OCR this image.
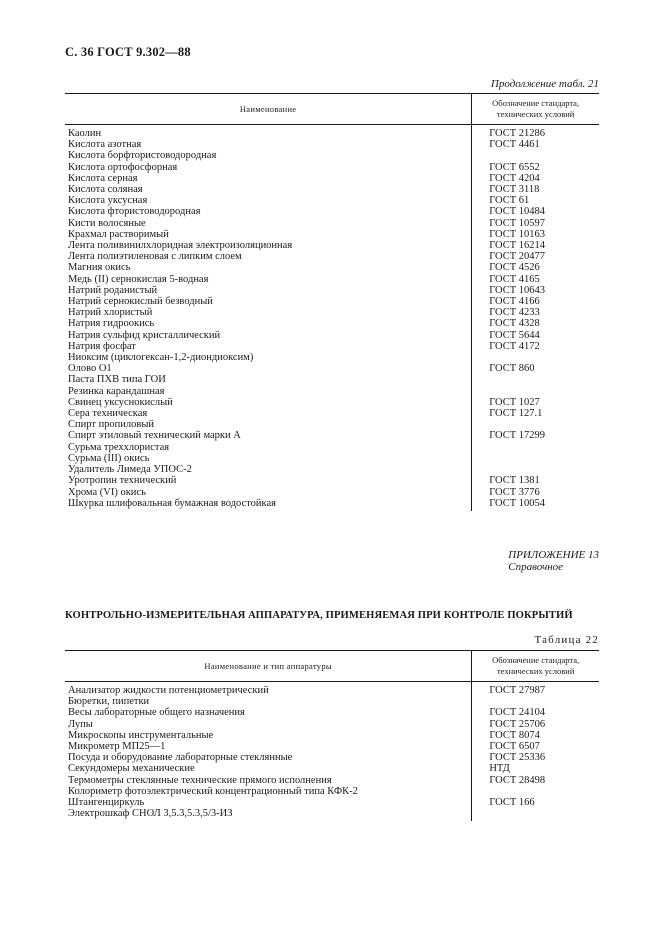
С. 36 ГОСТ 9.302—88
Продолжение табл. 21
Наименование	Обозначение стандарта, технических условий
Каолин	ГОСТ 21286
Кислота азотная	ГОСТ 4461
Кислота борфтористоводородная	
Кислота ортофосфорная	ГОСТ 6552
Кислота серная	ГОСТ 4204
Кислота соляная	ГОСТ 3118
Кислота уксусная	ГОСТ 61
Кислота фтористоводородная	ГОСТ 10484
Кисти волосяные	ГОСТ 10597
Крахмал растворимый	ГОСТ 10163
Лента поливинилхлоридная электроизоляционная	ГОСТ 16214
Лента полиэтиленовая с липким слоем	ГОСТ 20477
Магния окись	ГОСТ 4526
Медь (II) сернокислая 5-водная	ГОСТ 4165
Натрий роданистый	ГОСТ 10643
Натрий сернокислый безводный	ГОСТ 4166
Натрий хлористый	ГОСТ 4233
Натрия гидроокись	ГОСТ 4328
Натрия сульфид кристаллический	ГОСТ 5644
Натрия фосфат	ГОСТ 4172
Ниоксим (циклогексан-1,2-диондиоксим)	
Олово О1	ГОСТ 860
Паста ПХВ типа ГОИ	
Резинка карандашная	
Свинец уксуснокислый	ГОСТ 1027
Сера техническая	ГОСТ 127.1
Спирт пропиловый	
Спирт этиловый технический марки А	ГОСТ 17299
Сурьма треххлористая	
Сурьма (III) окись	
Удалитель Лимеда УПОС-2	
Уротропин технический	ГОСТ 1381
Хрома (VI) окись	ГОСТ 3776
Шкурка шлифовальная бумажная водостойкая	ГОСТ 10054
ПРИЛОЖЕНИЕ 13
Справочное
КОНТРОЛЬНО-ИЗМЕРИТЕЛЬНАЯ АППАРАТУРА, ПРИМЕНЯЕМАЯ ПРИ КОНТРОЛЕ ПОКРЫТИЙ
Таблица 22
Наименование и тип аппаратуры	Обозначение стандарта, технических условий
Анализатор жидкости потенциометрический	ГОСТ 27987
Бюретки, пипетки	
Весы лабораторные общего назначения	ГОСТ 24104
Лупы	ГОСТ 25706
Микроскопы инструментальные	ГОСТ 8074
Микрометр МП25—1	ГОСТ 6507
Посуда и оборудование лабораторные стеклянные	ГОСТ 25336
Секундомеры механические	НТД
Термометры стеклянные технические прямого исполнения	ГОСТ 28498
Колориметр фотоэлектрический концентрационный типа КФК-2	
Штангенциркуль	ГОСТ 166
Электрошкаф СНОЛ 3,5.3,5.3,5/3-ИЗ	
